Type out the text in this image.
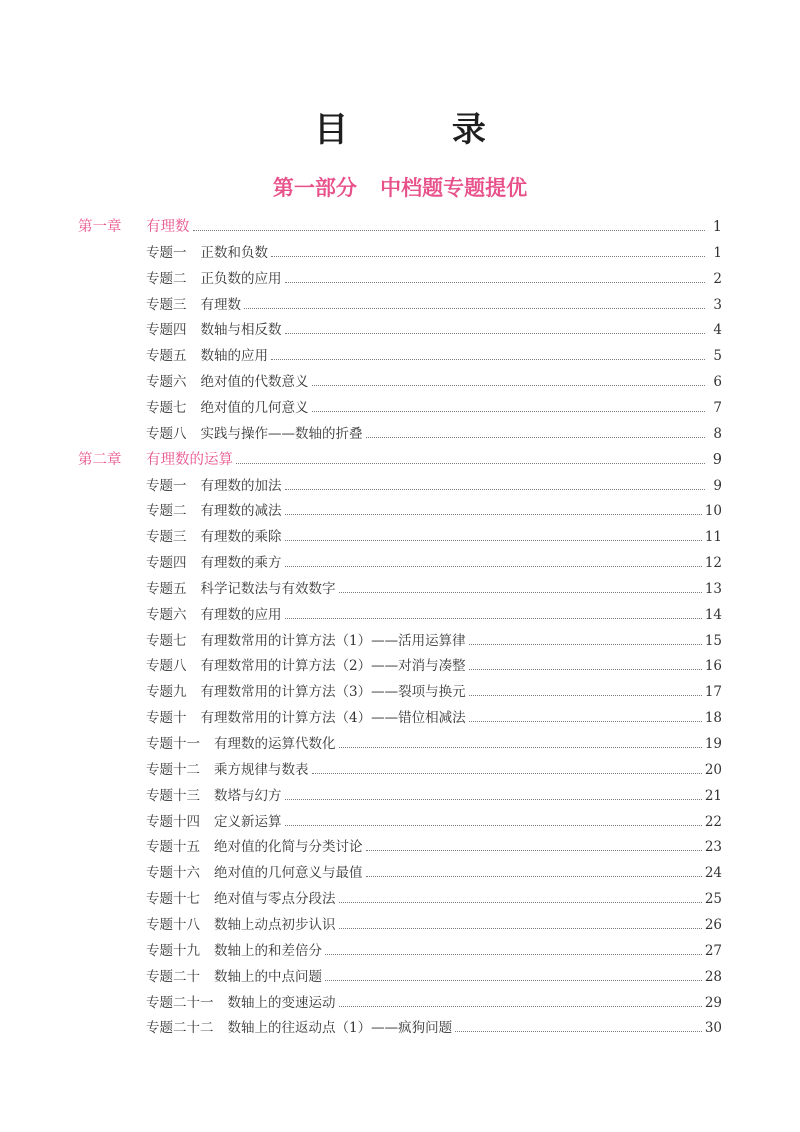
目 录
第一部分 中档题专题提优
第一章	有理数	1
专题一 正数和负数	1
专题二 正负数的应用	2
专题三 有理数	3
专题四 数轴与相反数	4
专题五 数轴的应用	5
专题六 绝对值的代数意义	6
专题七 绝对值的几何意义	7
专题八 实践与操作——数轴的折叠	8
第二章	有理数的运算	9
专题一 有理数的加法	9
专题二 有理数的减法	10
专题三 有理数的乘除	11
专题四 有理数的乘方	12
专题五 科学记数法与有效数字	13
专题六 有理数的应用	14
专题七 有理数常用的计算方法（1）——活用运算律	15
专题八 有理数常用的计算方法（2）——对消与凑整	16
专题九 有理数常用的计算方法（3）——裂项与换元	17
专题十 有理数常用的计算方法（4）——错位相减法	18
专题十一 有理数的运算代数化	19
专题十二 乘方规律与数表	20
专题十三 数塔与幻方	21
专题十四 定义新运算	22
专题十五 绝对值的化简与分类讨论	23
专题十六 绝对值的几何意义与最值	24
专题十七 绝对值与零点分段法	25
专题十八 数轴上动点初步认识	26
专题十九 数轴上的和差倍分	27
专题二十 数轴上的中点问题	28
专题二十一 数轴上的变速运动	29
专题二十二 数轴上的往返动点（1）——疯狗问题	30
